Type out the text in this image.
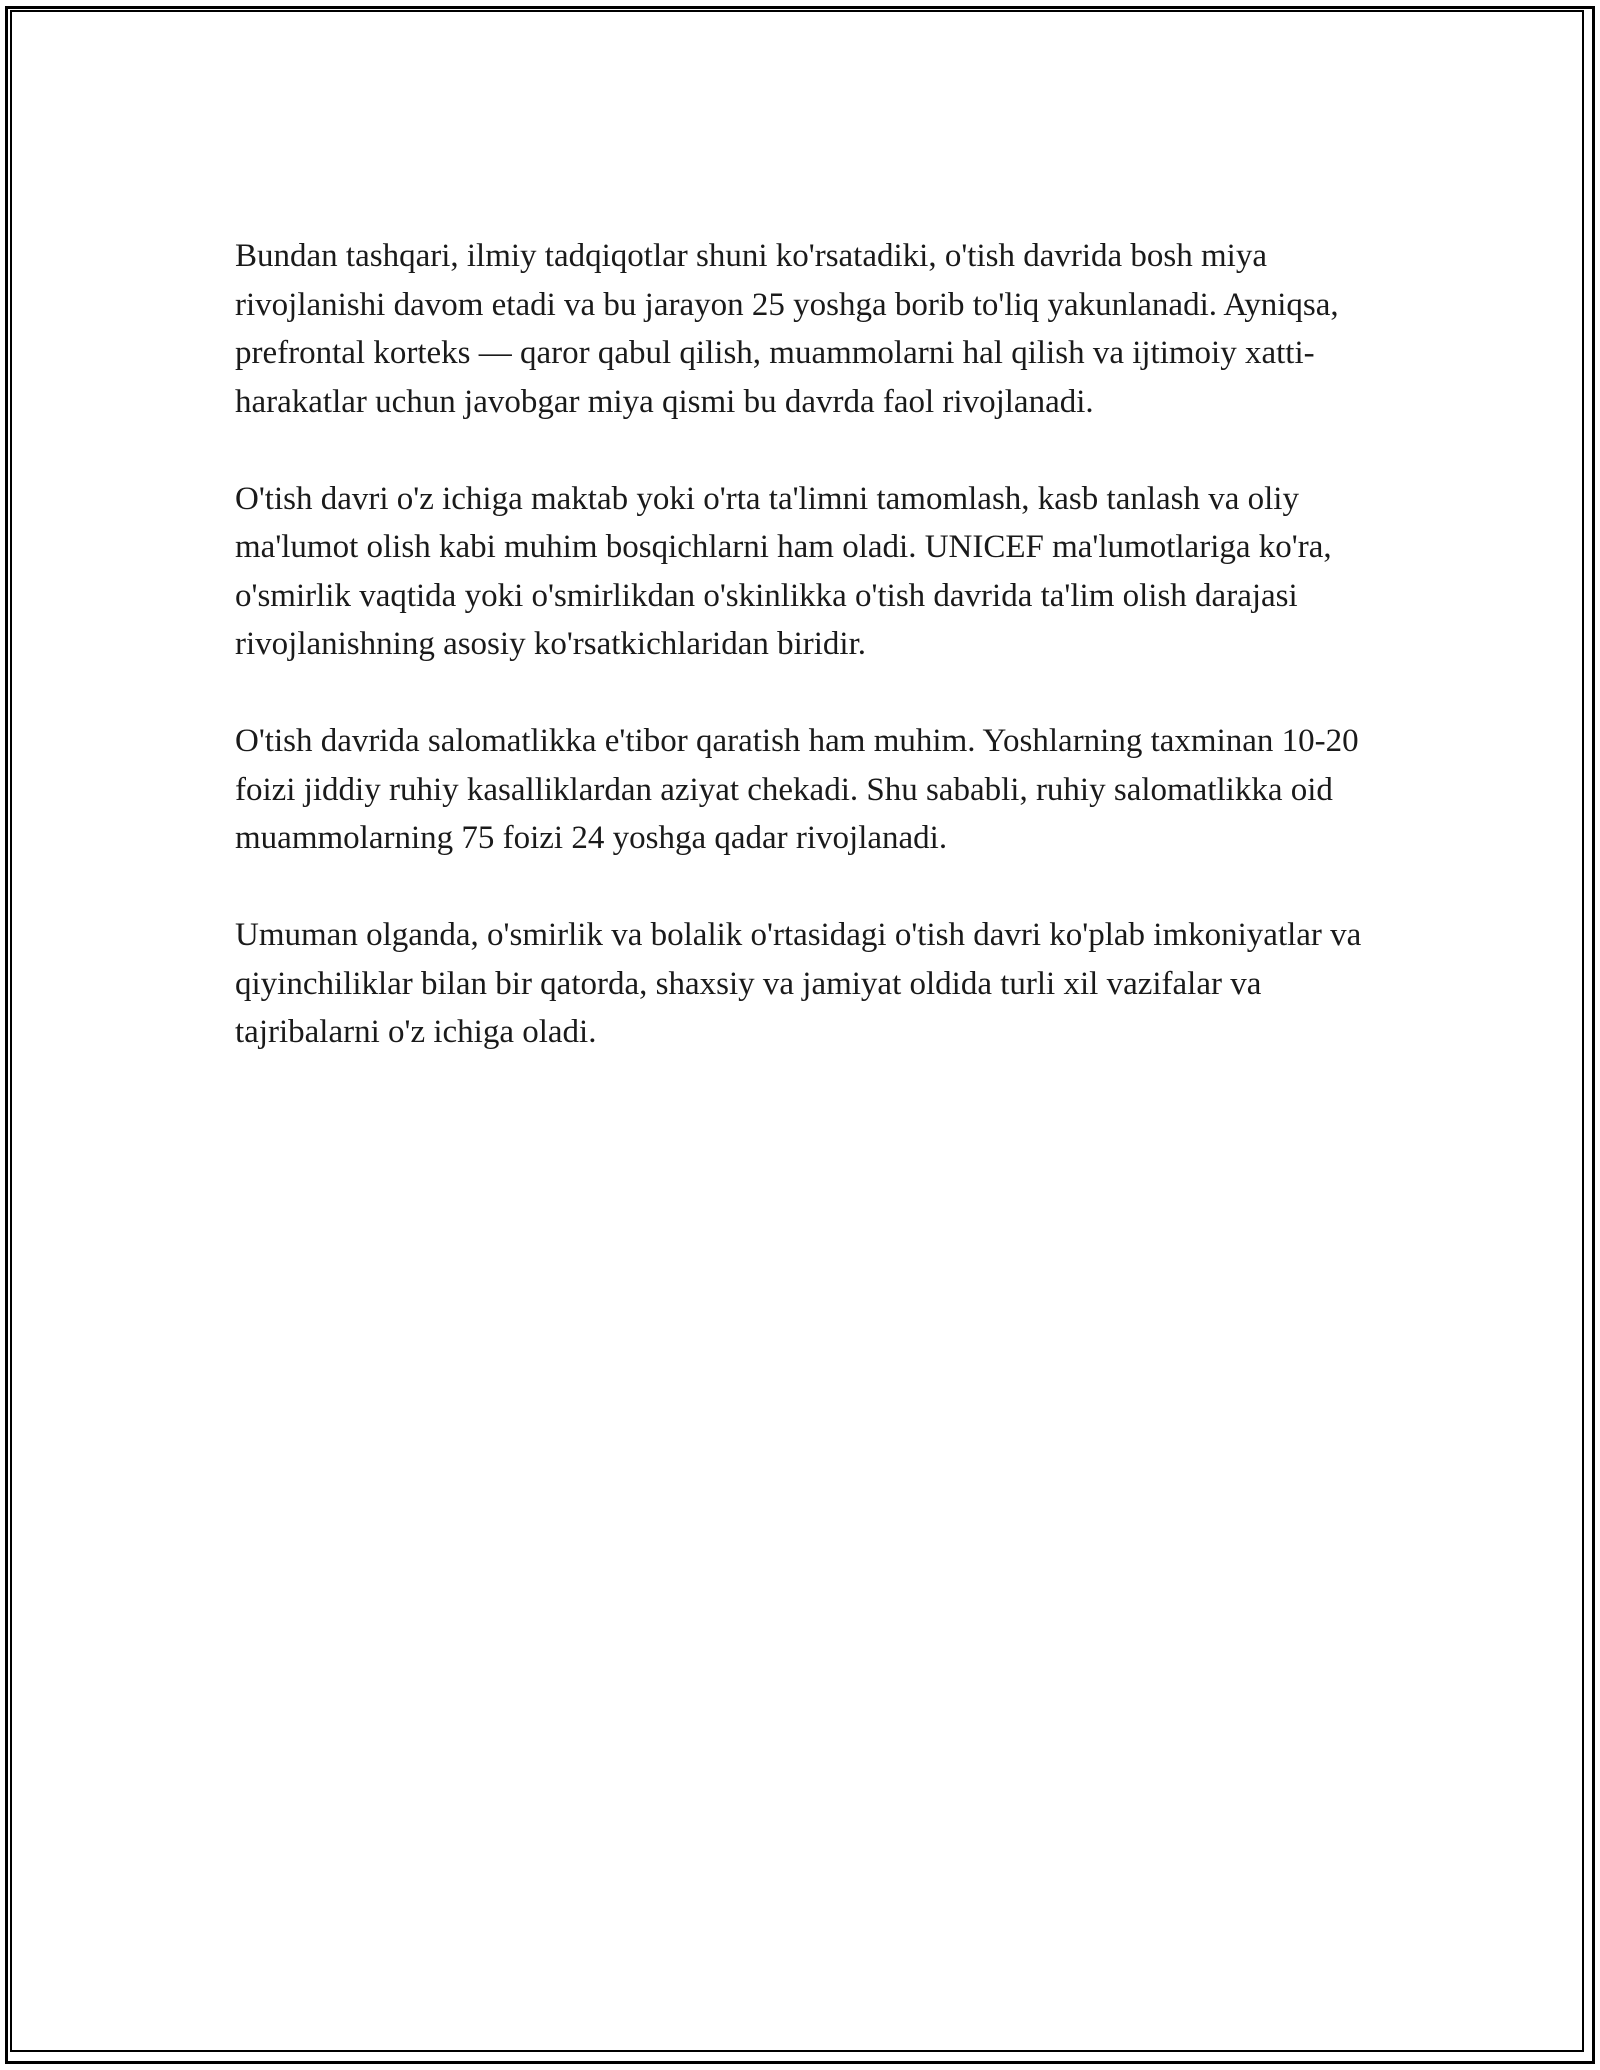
Bundan tashqari, ilmiy tadqiqotlar shuni ko'rsatadiki, o'tish davrida bosh miya rivojlanishi davom etadi va bu jarayon 25 yoshga borib to'liq yakunlanadi. Ayniqsa, prefrontal korteks — qaror qabul qilish, muammolarni hal qilish va ijtimoiy xatti-harakatlar uchun javobgar miya qismi bu davrda faol rivojlanadi.

O'tish davri o'z ichiga maktab yoki o'rta ta'limni tamomlash, kasb tanlash va oliy ma'lumot olish kabi muhim bosqichlarni ham oladi. UNICEF ma'lumotlariga ko'ra, o'smirlik vaqtida yoki o'smirlikdan o'skinlikka o'tish davrida ta'lim olish darajasi rivojlanishning asosiy ko'rsatkichlaridan biridir.

O'tish davrida salomatlikka e'tibor qaratish ham muhim. Yoshlarning taxminan 10-20 foizi jiddiy ruhiy kasalliklardan aziyat chekadi. Shu sababli, ruhiy salomatlikka oid muammolarning 75 foizi 24 yoshga qadar rivojlanadi.

Umuman olganda, o'smirlik va bolalik o'rtasidagi o'tish davri ko'plab imkoniyatlar va qiyinchiliklar bilan bir qatorda, shaxsiy va jamiyat oldida turli xil vazifalar va tajribalarni o'z ichiga oladi.
